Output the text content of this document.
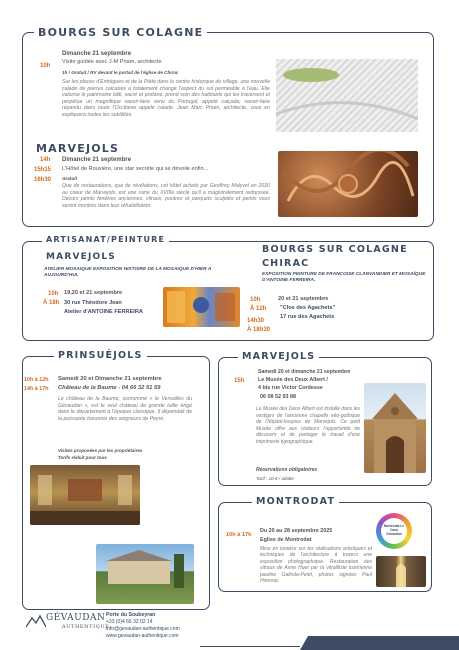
BOURGS SUR COLAGNE
10h
Dimanche 21 septembre
Visite guidée avec J-M Priam, architecte
1h / Gratuit / RV devant le portail de l'église de Chirac
Sur les places d'Entrègues et de la Piéta dans le centre historique du village, une nouvelle calade de pierres calcaires a totalement changé l'aspect du sol perméable à l'eau. Elle valorise le patrimoine bâti, sacré et profane, prend soin des habitants qui les traversent et perpétue un magnifique savoir-faire venu du Portugal, appelé calçada, savoir-faire répandu dans toute l'Occitanie appelé calade. Jean Marc Priam, architecte, vous en expliquera toutes les subtilités.
MARVEJOLS
14h
15h15
16h30
Dimanche 21 septembre
L'Hôtel de Rouvière, une star secrète qui se dévoile enfin...
Gratuit
Que de restaurations, que de révélations, cet hôtel acheté par Geoffrey Malyvel en 2020 au coeur de Marvejols, est une ruine du XVIIIe siècle qu'il a magistralement redressée. Décors peints fenêtres anciennes, vitraux, poutres et parquets sculptés et peints vous seront montrés dans leur réhabilitation.
ARTISANAT/PEINTURE
MARVEJOLS
ATELIER MOSAIQUE EXPOSITION HISTOIRE DE LA MOSAIQUE D'HIER À AUJOURD'HUI.
10h
À 18h
19,20 et 21 septembre
30 rue Théodore Jean
Atelier d'ANTOINE FERREIRA
BOURGS SUR COLAGNE
CHIRAC
EXPOSITION PEINTURE DE FRANCOISE CLANVANDIER ET MOSAÏQUE D'ANTOINE FERREIRA.
10h
À 12h
14h30
À 18h30
20 et 21 septembre
"Clos des Agachets"
17 rue des Agachets
PRINSUÉJOLS
10h à 12h
14h à 17h
Samedi 20 et Dimanche 21 septembre
Château de la Baume - 04 66 32 51 59
Le château de la Baume, surnommé « le Versailles du Gévaudan », est le seul château de grande taille érigé dans le département à l'époque classique. Il dépendait de la puissante baronnie des seigneurs de Peyre.
Visites proposées par les propriétaires
Tarifs réduit pour tous
MARVEJOLS
15h
Samedi 20 et dimanche 21 septembre
Le Musée des Deux Albert /
4 bis rue Victor Cordesse
06 08 52 93 88
Le Musée des Deux Albert est installé dans les vestiges de l'ancienne chapelle néo-gothique de l'hôpital-hospice de Marvejols. Ce petit Musée offre aux visiteurs l'opportunité de découvrir et de partager le travail d'une imprimerie typographique.
Réservations obligatoires
Tarif : 10 € / adulte
MONTRODAT
10h à 17h
Du 20 au 28 septembre 2025
Eglise de Montrodat
Mise en lumière sur les réalisations artistiques et techniques de l'architecture à travers une exposition photographique. Restauration des vitraux de Anne Huet par la vitrailliste lozérienne pauline Galinda-Peiet, photos signées Paul Honorat.
Montrodat Le Cœur Gévaudan
GÉVAUDAN
AUTHENTIQUE
Porte du Soubeyran
+33 (0)4 66 32 02 14
info@gevaudan-authentique.com
www.gevaudan-authentique.com
